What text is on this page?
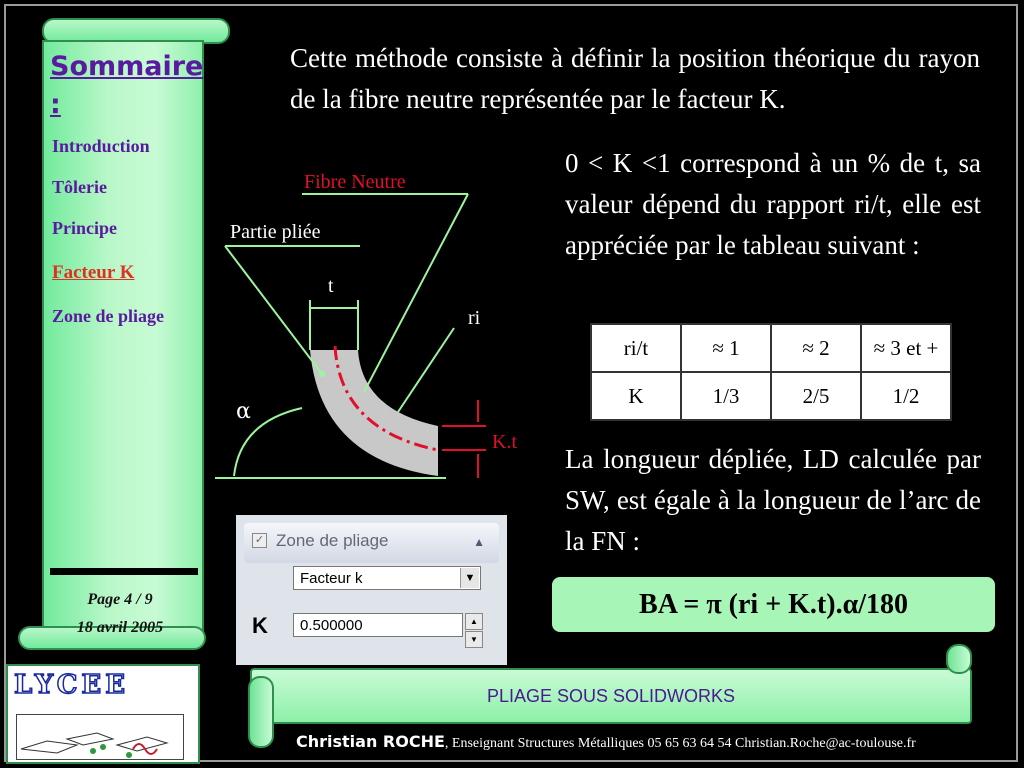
Sommaire :
Introduction
Tôlerie
Principe
Facteur K
Zone de pliage
Page 4 / 9
18 avril 2005
Cette méthode consiste à définir la position théorique du rayon de la fibre neutre représentée par le facteur K.
0 < K <1 correspond à un % de t, sa valeur dépend du rapport ri/t, elle est appréciée par le tableau suivant :
La longueur dépliée, LD calculée par SW, est égale à la longueur de l’arc de la FN :
ri/t	≈ 1	≈ 2	≈ 3 et +
K	1/3	2/5	1/2
BA = π (ri + K.t).α/180
Fibre Neutre
Partie pliée
t
ri
α
K.t
✓ Zone de pliage	▲
Facteur k	▼
K	0.500000	▲
▼
LYCEE	PLIAGE SOUS SOLIDWORKS
Christian ROCHE, Enseignant Structures Métalliques 05 65 63 64 54 Christian.Roche@ac-toulouse.fr
